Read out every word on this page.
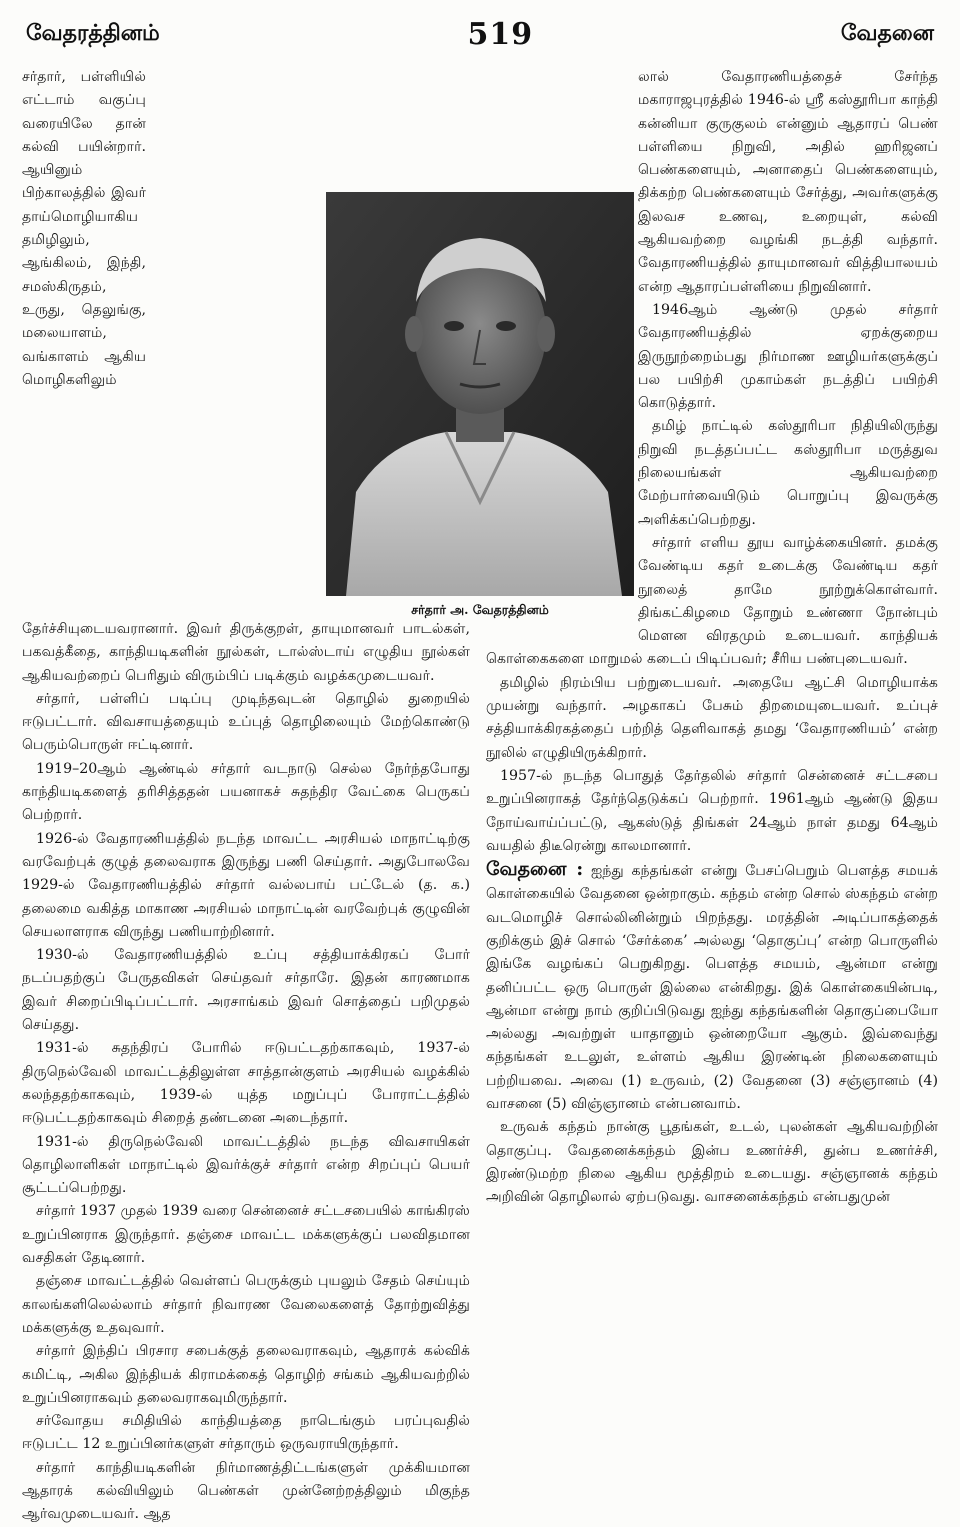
வேதரத்தினம்	519	வேதனை

சர்தார், பள்ளியில் எட்டாம் வகுப்பு வரையிலே தான் கல்வி பயின்றார். ஆயினும் பிற்காலத்தில் இவர் தாய்மொழியாகிய தமிழிலும், ஆங்கிலம், இந்தி, சமஸ்கிருதம், உருது, தெலுங்கு, மலையாளம், வங்காளம் ஆகிய மொழிகளிலும் தேர்ச்சியுடையவரானார். இவர் திருக்குறள், தாயுமானவர் பாடல்கள், பகவத்கீதை, காந்தியடிகளின் நூல்கள், டால்ஸ்டாய் எழுதிய நூல்கள் ஆகியவற்றைப் பெரிதும் விரும்பிப் படிக்கும் வழக்கமுடையவர்.

சர்தார், பள்ளிப் படிப்பு முடிந்தவுடன் தொழில் துறையில் ஈடுபட்டார். விவசாயத்தையும் உப்புத் தொழிலையும் மேற்கொண்டு பெரும்பொருள் ஈட்டினார்.

1919–20ஆம் ஆண்டில் சர்தார் வடநாடு செல்ல நேர்ந்தபோது காந்தியடிகளைத் தரிசித்ததன் பயனாகச் சுதந்திர வேட்கை பெருகப் பெற்றார்.

1926-ல் வேதாரணியத்தில் நடந்த மாவட்ட அரசியல் மாநாட்டிற்கு வரவேற்புக் குழுத் தலைவராக இருந்து பணி செய்தார். அதுபோலவே 1929-ல் வேதாரணியத்தில் சர்தார் வல்லபாய் பட்டேல் (த. க.) தலைமை வகித்த மாகாண அரசியல் மாநாட்டின் வரவேற்புக் குழுவின் செயலாளராக விருந்து பணியாற்றினார்.

1930-ல் வேதாரணியத்தில் உப்பு சத்தியாக்கிரகப் போர் நடப்பதற்குப் பேருதவிகள் செய்தவர் சர்தாரே. இதன் காரணமாக இவர் சிறைப்பிடிப்பட்டார். அரசாங்கம் இவர் சொத்தைப் பறிமுதல் செய்தது.

1931-ல் சுதந்திரப் போரில் ஈடுபட்டதற்காகவும், 1937-ல் திருநெல்வேலி மாவட்டத்திலுள்ள சாத்தான்குளம் அரசியல் வழக்கில் கலந்ததற்காகவும், 1939-ல் யுத்த மறுப்புப் போராட்டத்தில் ஈடுபட்டதற்காகவும் சிறைத் தண்டனை அடைந்தார்.

1931-ல் திருநெல்வேலி மாவட்டத்தில் நடந்த விவசாயிகள் தொழிலாளிகள் மாநாட்டில் இவர்க்குச் சர்தார் என்ற சிறப்புப் பெயர் சூட்டப்பெற்றது.

சர்தார் 1937 முதல் 1939 வரை சென்னைச் சட்டசபையில் காங்கிரஸ் உறுப்பினராக இருந்தார். தஞ்சை மாவட்ட மக்களுக்குப் பலவிதமான வசதிகள் தேடினார்.

தஞ்சை மாவட்டத்தில் வெள்ளப் பெருக்கும் புயலும் சேதம் செய்யும் காலங்களிலெல்லாம் சர்தார் நிவாரண வேலைகளைத் தோற்றுவித்து மக்களுக்கு உதவுவார்.

சர்தார் இந்திப் பிரசார சபைக்குத் தலைவராகவும், ஆதாரக் கல்விக் கமிட்டி, அகில இந்தியக் கிராமக்கைத் தொழிற் சங்கம் ஆகியவற்றில் உறுப்பினராகவும் தலைவராகவுமிருந்தார்.

சர்வோதய சமிதியில் காந்தியத்தை நாடெங்கும் பரப்புவதில் ஈடுபட்ட 12 உறுப்பினர்களுள் சர்தாரும் ஒருவராயிருந்தார்.

சர்தார் காந்தியடிகளின் நிர்மாணத்திட்டங்களுள் முக்கியமான ஆதாரக் கல்வியிலும் பெண்கள் முன்னேற்றத்திலும் மிகுந்த ஆர்வமுடையவர். ஆத

லால் வேதாரணியத்தைச் சேர்ந்த மகாராஜபுரத்தில் 1946-ல் ஸ்ரீ கஸ்தூரிபா காந்தி கன்னியா குருகுலம் என்னும் ஆதாரப் பெண் பள்ளியை நிறுவி, அதில் ஹரிஜனப் பெண்களையும், அனாதைப் பெண்களையும், திக்கற்ற பெண்களையும் சேர்த்து, அவர்களுக்கு இலவச உணவு, உறையுள், கல்வி ஆகியவற்றை வழங்கி நடத்தி வந்தார். வேதாரணியத்தில் தாயுமானவர் வித்தியாலயம் என்ற ஆதாரப்பள்ளியை நிறுவினார்.

1946ஆம் ஆண்டு முதல் சர்தார் வேதாரணியத்தில் ஏறக்குறைய இருநூற்றைம்பது நிர்மாண ஊழியர்களுக்குப் பல பயிற்சி முகாம்கள் நடத்திப் பயிற்சி கொடுத்தார்.

தமிழ் நாட்டில் கஸ்தூரிபா நிதியிலிருந்து நிறுவி நடத்தப்பட்ட கஸ்தூரிபா மருத்துவ நிலையங்கள் ஆகியவற்றை மேற்பார்வையிடும் பொறுப்பு இவருக்கு அளிக்கப்பெற்றது.

சர்தார் எளிய தூய வாழ்க்கையினர். தமக்கு வேண்டிய கதர் உடைக்கு வேண்டிய கதர் நூலைத் தாமே நூற்றுக்கொள்வார். திங்கட்கிழமை தோறும் உண்ணா நோன்பும் மௌன விரதமும் உடையவர். காந்தியக் கொள்கைகளை மாறுமல் கடைப் பிடிப்பவர்; சீரிய பண்புடையவர்.

தமிழில் நிரம்பிய பற்றுடையவர். அதையே ஆட்சி மொழியாக்க முயன்று வந்தார். அழகாகப் பேசும் திறமையுடையவர். உப்புச் சத்தியாக்கிரகத்தைப் பற்றித் தெளிவாகத் தமது ‘வேதாரணியம்’ என்ற நூலில் எழுதியிருக்கிறார்.

1957-ல் நடந்த பொதுத் தேர்தலில் சர்தார் சென்னைச் சட்டசபை உறுப்பினராகத் தேர்ந்தெடுக்கப் பெற்றார். 1961ஆம் ஆண்டு இதய நோய்வாய்ப்பட்டு, ஆகஸ்டுத் திங்கள் 24ஆம் நாள் தமது 64ஆம் வயதில் திடீரென்று காலமானார்.

வேதனை : ஐந்து கந்தங்கள் என்று பேசப்பெறும் பௌத்த சமயக் கொள்கையில் வேதனை ஒன்றாகும். கந்தம் என்ற சொல் ஸ்கந்தம் என்ற வடமொழிச் சொல்லினின்றும் பிறந்தது. மரத்தின் அடிப்பாகத்தைக் குறிக்கும் இச் சொல் ‘சேர்க்கை’ அல்லது ‘தொகுப்பு’ என்ற பொருளில் இங்கே வழங்கப் பெறுகிறது. பௌத்த சமயம், ஆன்மா என்று தனிப்பட்ட ஒரு பொருள் இல்லை என்கிறது. இக் கொள்கையின்படி, ஆன்மா என்று நாம் குறிப்பிடுவது ஐந்து கந்தங்களின் தொகுப்பையோ அல்லது அவற்றுள் யாதானும் ஒன்றையோ ஆகும். இவ்வைந்து கந்தங்கள் உடலுள், உள்ளம் ஆகிய இரண்டின் நிலைகளையும் பற்றியவை. அவை (1) உருவம், (2) வேதனை (3) சஞ்ஞானம் (4) வாசனை (5) விஞ்ஞானம் என்பனவாம்.

உருவக் கந்தம் நான்கு பூதங்கள், உடல், புலன்கள் ஆகியவற்றின் தொகுப்பு. வேதனைக்கந்தம் இன்ப உணர்ச்சி, துன்ப உணர்ச்சி, இரண்டுமற்ற நிலை ஆகிய மூத்திறம் உடையது. சஞ்ஞானக் கந்தம் அறிவின் தொழிலால் ஏற்படுவது. வாசனைக்கந்தம் என்பதுமுன்

சர்தார் அ. வேதரத்தினம்
